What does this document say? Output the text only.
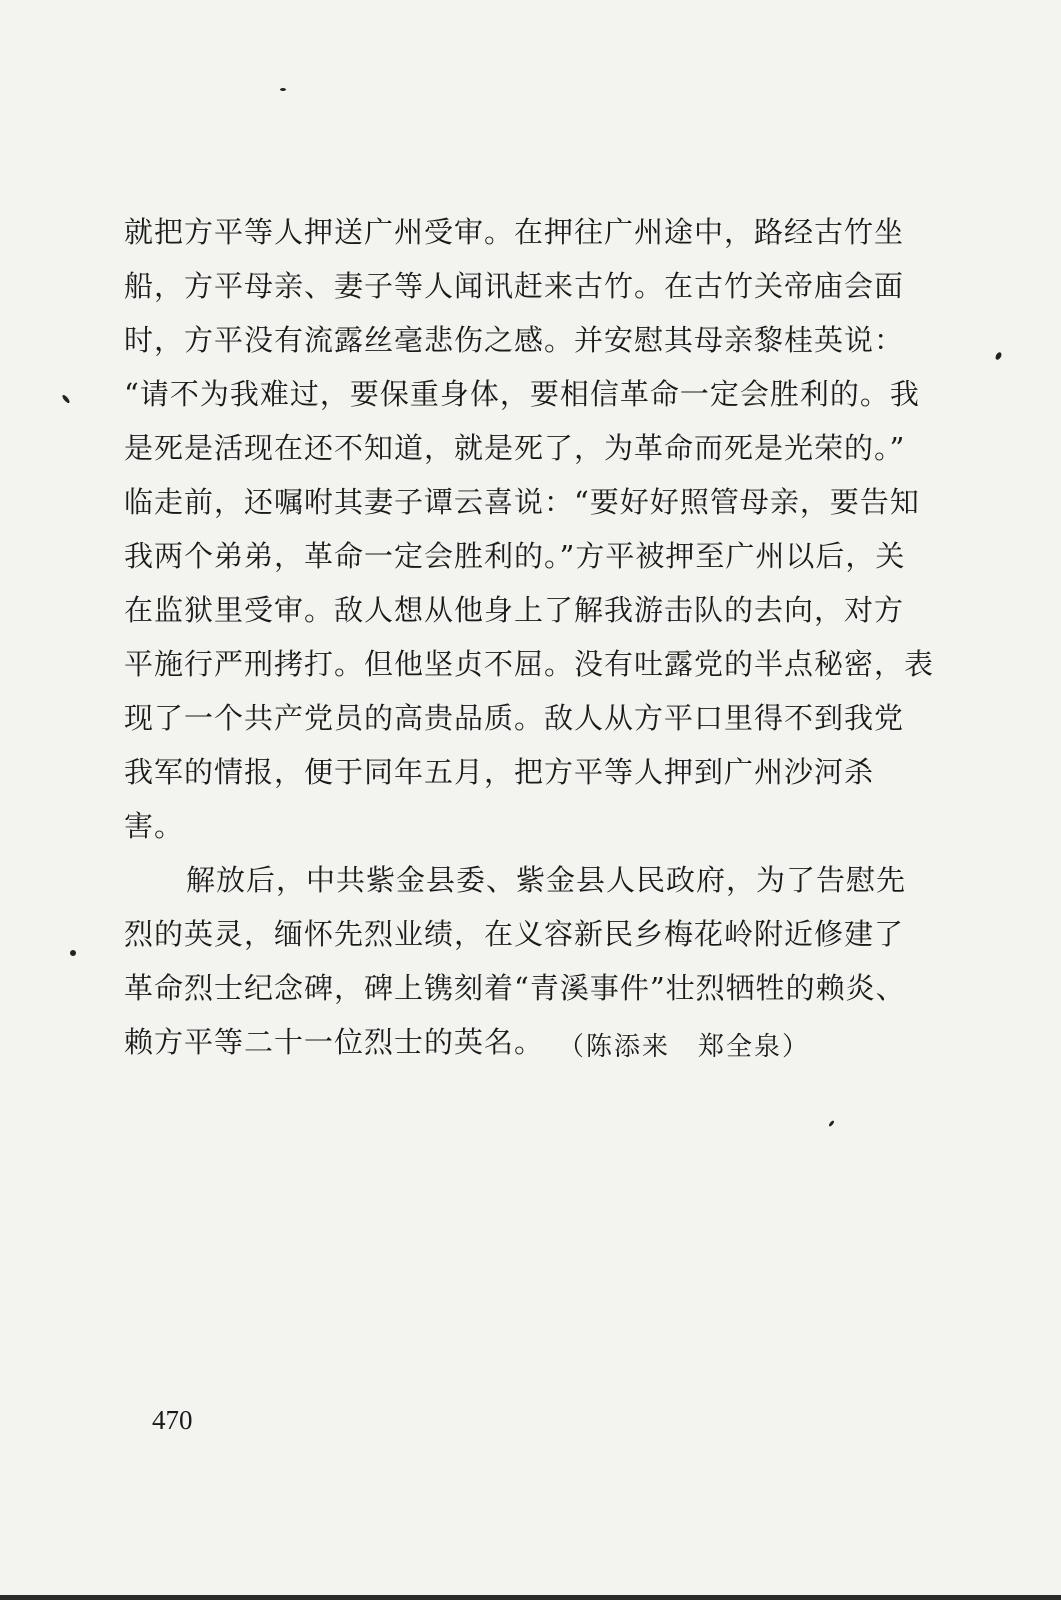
就把方平等人押送广州受审。在押往广州途中，路经古竹坐
船，方平母亲、妻子等人闻讯赶来古竹。在古竹关帝庙会面
时，方平没有流露丝毫悲伤之感。并安慰其母亲黎桂英说：
“请不为我难过，要保重身体，要相信革命一定会胜利的。我
是死是活现在还不知道，就是死了，为革命而死是光荣的。”
临走前，还嘱咐其妻子谭云喜说：“要好好照管母亲，要告知
我两个弟弟，革命一定会胜利的。”方平被押至广州以后，关
在监狱里受审。敌人想从他身上了解我游击队的去向，对方
平施行严刑拷打。但他坚贞不屈。没有吐露党的半点秘密，表
现了一个共产党员的高贵品质。敌人从方平口里得不到我党
我军的情报，便于同年五月，把方平等人押到广州沙河杀
害。
解放后，中共紫金县委、紫金县人民政府，为了告慰先
烈的英灵，缅怀先烈业绩，在义容新民乡梅花岭附近修建了
革命烈士纪念碑，碑上镌刻着“青溪事件”壮烈牺牲的赖炎、
赖方平等二十一位烈士的英名。 （陈添来　郑全泉）
470
